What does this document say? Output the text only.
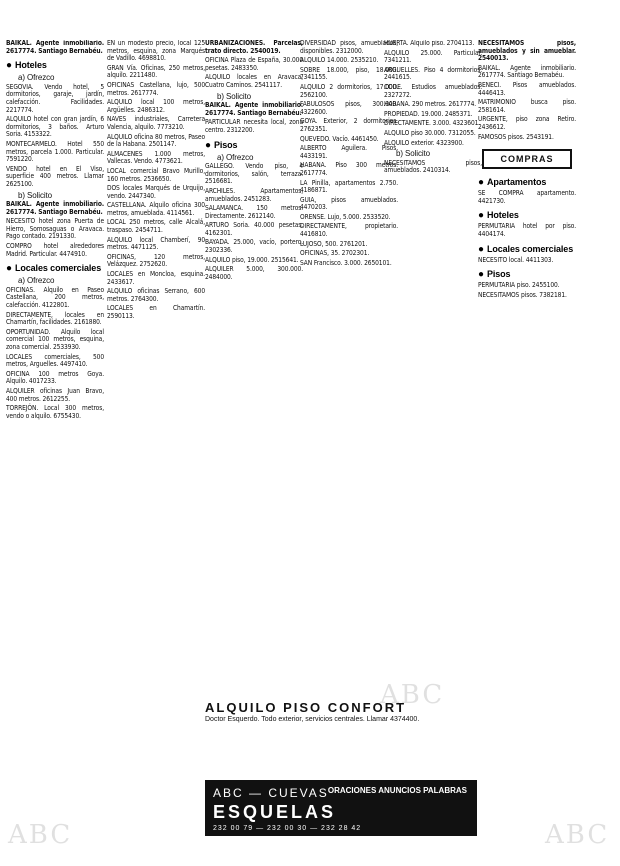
BAIKAL. Agente inmobiliario. 2617774. Santiago Bernabéu.

● Hoteles
a) Ofrezco

SEGOVIA. Vendo hotel, 5 dormitorios, garaje, jardín, calefacción. Facilidades. 2217774.

ALQUILO hotel con gran jardín, 6 dormitorios, 3 baños. Arturo Soria. 4153322.

MONTECARMELO. Hotel 550 metros, parcela 1.000. Particular. 7591220.

VENDO hotel en El Viso, superficie 400 metros. Llamar 2625100.

b) Solicito

BAIKAL. Agente inmobiliario. 2617774. Santiago Bernabéu.

NECESITO hotel zona Puerta de Hierro, Somosaguas o Aravaca. Pago contado. 2191330.

COMPRO hotel alrededores Madrid. Particular. 4474910.

● Locales comerciales
a) Ofrezco

OFICINAS. Alquilo en Paseo Castellana, 200 metros, calefacción. 4122801.

DIRECTAMENTE, locales en Chamartín, facilidades. 2161880.

OPORTUNIDAD. Alquilo local comercial 100 metros, esquina, zona comercial. 2533930.

LOCALES comerciales, 500 metros, Arguelles. 4497410.

OFICINA 100 metros Goya. Alquilo. 4017233.

ALQUILER oficinas Juan Bravo, 400 metros. 2612255.

TORREJÓN. Local 300 metros, vendo o alquilo. 6755430.

EN un modesto precio, local 125 metros, esquina, zona Marqués de Vadillo. 4698810.

GRAN Vía. Oficinas, 250 metros, alquilo. 2211480.

OFICINAS Castellana, lujo, 500 metros. 2617774.

ALQUILO local 100 metros, Argüelles. 2486312.

NAVES industriales, Carretera Valencia, alquilo. 7773210.

ALQUILO oficina 80 metros, Paseo de la Habana. 2501147.

ALMACENES 1.000 metros, Vallecas. Vendo. 4773621.

LOCAL comercial Bravo Murillo, 160 metros. 2536650.

DOS locales Marqués de Urquijo, vendo. 2447340.

CASTELLANA. Alquilo oficina 300 metros, amueblada. 4114561.

LOCAL 250 metros, calle Alcalá, traspaso. 2454711.

ALQUILO local Chamberí, 90 metros. 4471125.

OFICINAS, 120 metros, Velázquez. 2752620.

LOCALES en Moncloa, esquina. 2433617.

ALQUILO oficinas Serrano, 600 metros. 2764300.

LOCALES en Chamartín. 2590113.

URBANIZACIONES. Parcelas, trato directo. 2540019.

OFICINA Plaza de España, 30.000 pesetas. 2483350.

ALQUILO locales en Aravaca, Cuatro Caminos. 2541117.

b) Solicito

BAIKAL. Agente inmobiliario. 2617774. Santiago Bernabéu.

PARTICULAR necesita local, zona centro. 2312200.

● Pisos
a) Ofrezco

GALLEGO. Vendo piso, 4 dormitorios, salón, terraza. 2516681.

ARCHILES. Apartamentos, amueblados. 2451283.

SALAMANCA. 150 metros. Directamente. 2612140.

ARTURO Soria. 40.000 pesetas. 4162301.

BAYADA. 25.000, vacío, portero. 2302336.

ALQUILO piso, 19.000. 2515641.

ALQUILER 5.000, 300.000. 2484000.

DIVERSIDAD pisos, amueblados, disponibles. 2312000.

ALQUILO 14.000. 2535210.

SOBRE 18.000, piso, 18.000. 7341155.

ALQUILO 2 dormitorios, 17.000. 2562100.

FABULOSOS pisos, 300.000. 4322600.

GOYA. Exterior, 2 dormitorios. 2762351.

QUEVEDO. Vacío. 4461450.

ALBERTO Aguilera. Pisos. 4433191.

HABANA. Piso 300 metros. 2617774.

LA Pinilla, apartamentos 2.750. 4186871.

GUIA, pisos amueblados. 4470203.

ORENSE. Lujo, 5.000. 2533520.

DIRECTAMENTE, propietario. 4416810.

LUJOSO, 500. 2761201.

OFICINAS, 35. 2702301.

SAN Francisco. 3.000. 2650101.

HUERTA. Alquilo piso. 2704113.

ALQUILO 25.000. Particular. 7341211.

ARGUELLES. Piso 4 dormitorios. 2441615.

CODE. Estudios amueblados. 2327272.

HABANA. 290 metros. 2617774.

PROPIEDAD. 19.000. 2485371.

DIRECTAMENTE. 3.000. 4323601.

ALQUILO piso 30.000. 7312055.

ALQUILO exterior. 4323900.

b) Solicito

NECESITAMOS pisos, amueblados. 2410314.

NECESITAMOS pisos, amueblados y sin amueblar. 2540013.

BAIKAL. Agente inmobiliario. 2617774. Santiago Bernabéu.

BENECI. Pisos amueblados. 4446413.

MATRIMONIO busca piso. 2581614.

URGENTE, piso zona Retiro. 2436612.

FAMOSOS pisos. 2543191.

COMPRAS
● Apartamentos

SE COMPRA apartamento. 4421730.

● Hoteles

PERMUTARIA hotel por piso. 4404174.

● Locales comerciales

NECESITO local. 4411303.

● Pisos

PERMUTARIA piso. 2455100.

NECESITAMOS pisos. 7382181.

ALQUILO PISO CONFORT
Doctor Esquerdo. Todo exterior, servicios centrales. Llamar 4374400.
ABC — CUEVAS
ESQUELAS
ORACIONES ANUNCIOS PALABRAS
232 00 79 — 232 00 30 — 232 28 42
ABC
ABC
ABC
